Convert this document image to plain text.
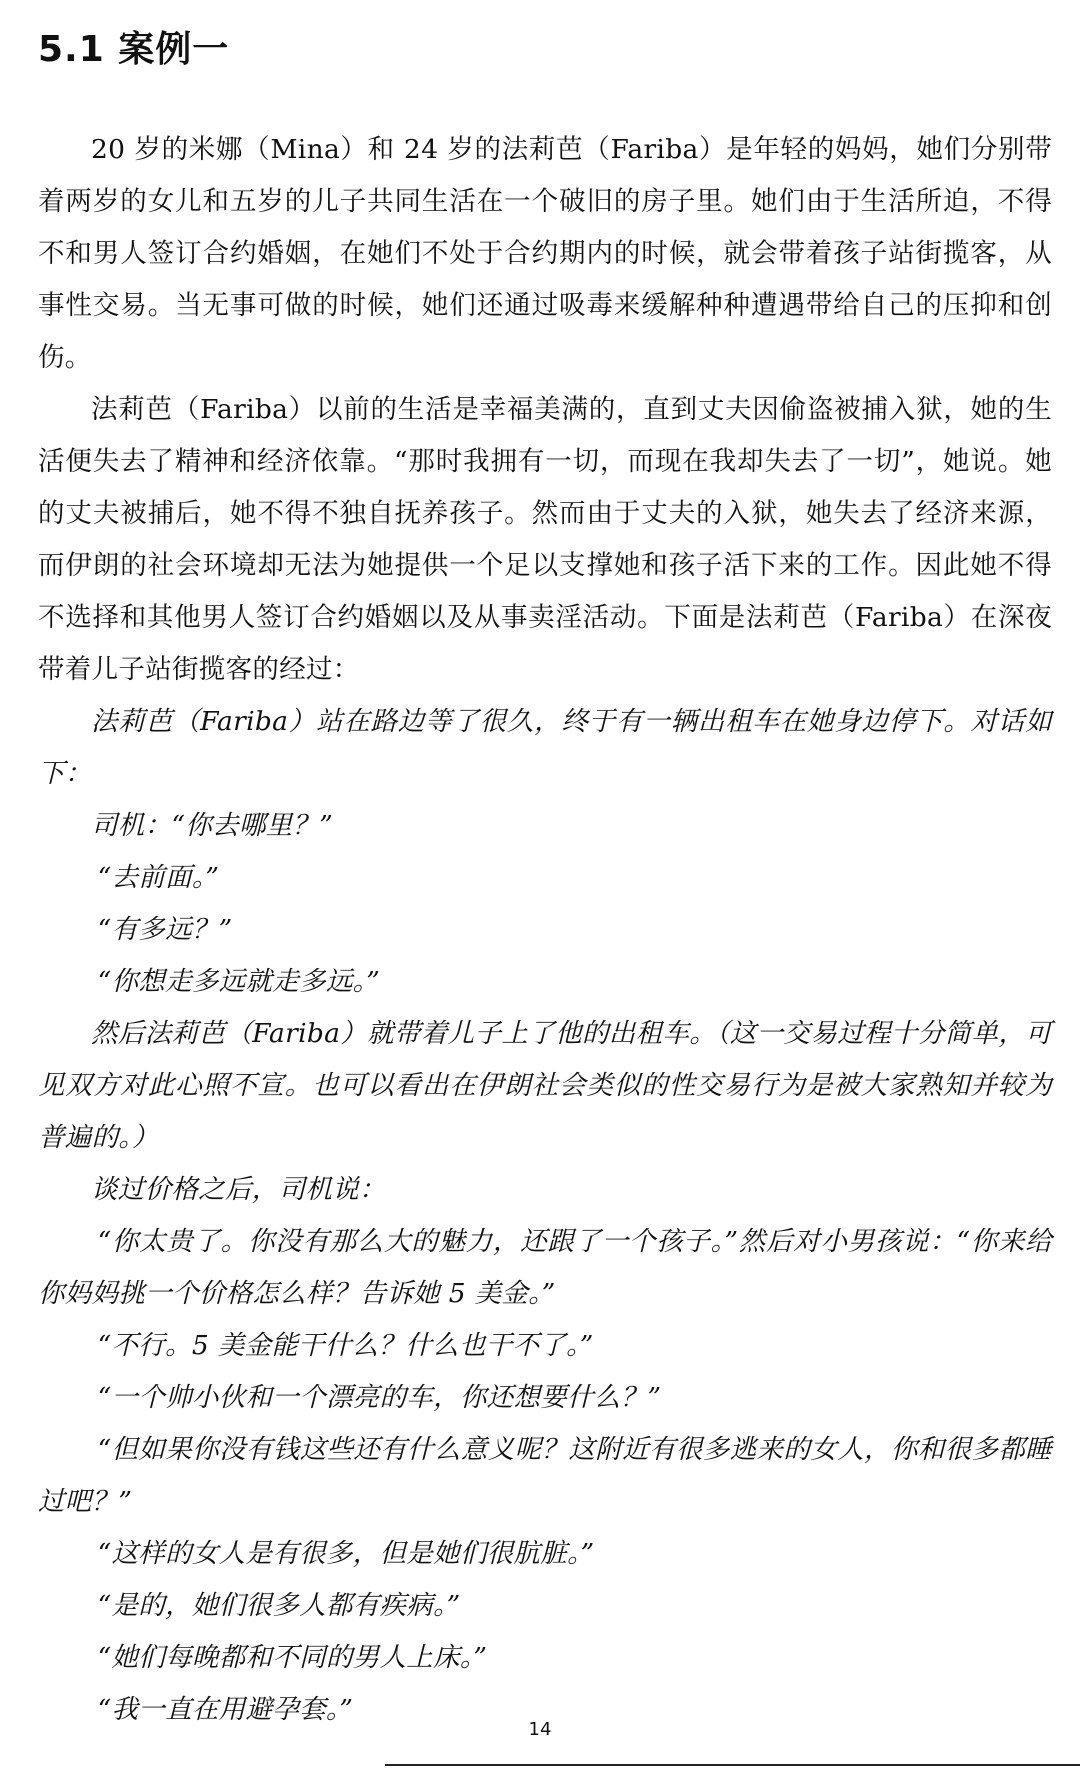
5.1 案例一

20 岁的米娜（Mina）和 24 岁的法莉芭（Fariba）是年轻的妈妈，她们分别带着两岁的女儿和五岁的儿子共同生活在一个破旧的房子里。她们由于生活所迫，不得不和男人签订合约婚姻，在她们不处于合约期内的时候，就会带着孩子站街揽客，从事性交易。当无事可做的时候，她们还通过吸毒来缓解种种遭遇带给自己的压抑和创伤。

法莉芭（Fariba）以前的生活是幸福美满的，直到丈夫因偷盗被捕入狱，她的生活便失去了精神和经济依靠。“那时我拥有一切，而现在我却失去了一切”，她说。她的丈夫被捕后，她不得不独自抚养孩子。然而由于丈夫的入狱，她失去了经济来源，而伊朗的社会环境却无法为她提供一个足以支撑她和孩子活下来的工作。因此她不得不选择和其他男人签订合约婚姻以及从事卖淫活动。下面是法莉芭（Fariba）在深夜带着儿子站街揽客的经过：

法莉芭（Fariba）站在路边等了很久，终于有一辆出租车在她身边停下。对话如下：

司机：“你去哪里？”

“去前面。”

“有多远？”

“你想走多远就走多远。”

然后法莉芭（Fariba）就带着儿子上了他的出租车。（这一交易过程十分简单，可见双方对此心照不宣。也可以看出在伊朗社会类似的性交易行为是被大家熟知并较为普遍的。）

谈过价格之后，司机说：

“你太贵了。你没有那么大的魅力，还跟了一个孩子。”然后对小男孩说：“你来给你妈妈挑一个价格怎么样？告诉她 5 美金。”

“不行。5 美金能干什么？什么也干不了。”

“一个帅小伙和一个漂亮的车，你还想要什么？”

“但如果你没有钱这些还有什么意义呢？这附近有很多逃来的女人，你和很多都睡过吧？”

“这样的女人是有很多，但是她们很肮脏。”

“是的，她们很多人都有疾病。”

“她们每晚都和不同的男人上床。”

“我一直在用避孕套。”

14
